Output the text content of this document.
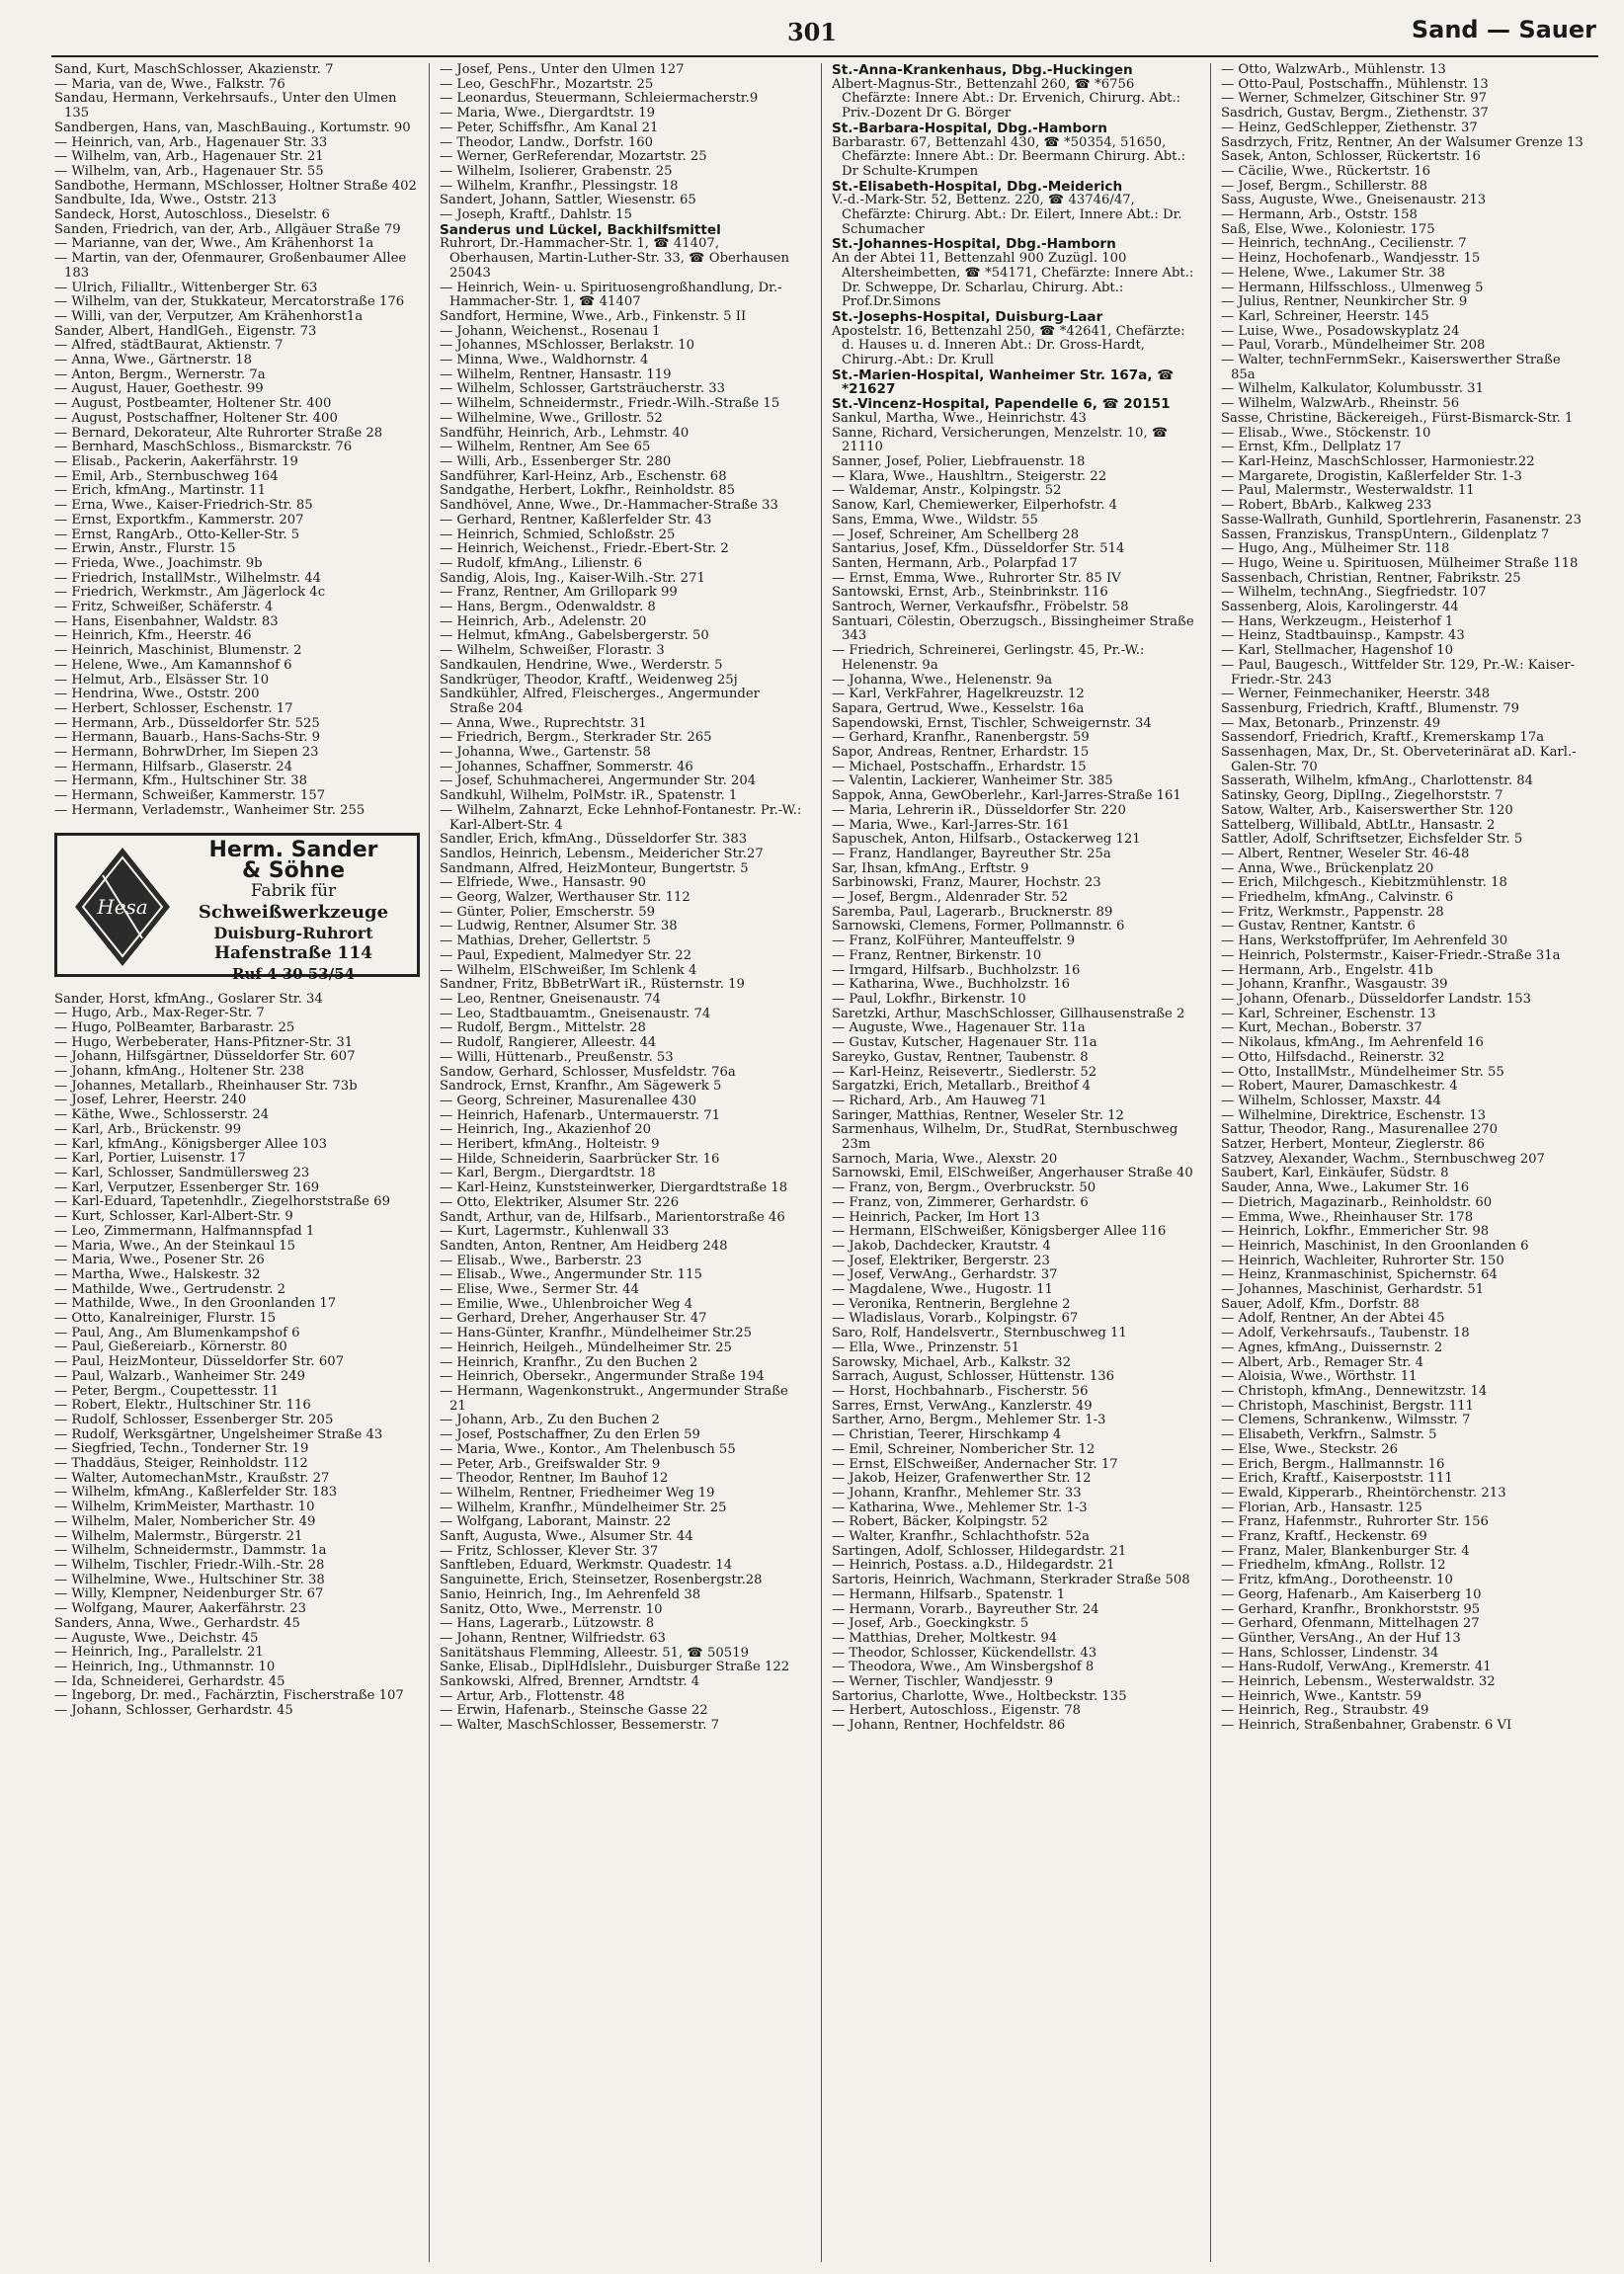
301	Sand — Sauer
Sand, Kurt, MaschSchlosser, Akazienstr. 7
— Maria, van de, Wwe., Falkstr. 76
Sandau, Hermann, Verkehrsaufs., Unter den Ulmen 135
Sandbergen, Hans, van, MaschBauing., Kortumstr. 90
— Heinrich, van, Arb., Hagenauer Str. 33
— Wilhelm, van, Arb., Hagenauer Str. 21
— Wilhelm, van, Arb., Hagenauer Str. 55
Sandbothe, Hermann, MSchlosser, Holtner Straße 402
Sandbulte, Ida, Wwe., Oststr. 213
Sandeck, Horst, Autoschloss., Dieselstr. 6
Sanden, Friedrich, van der, Arb., Allgäuer Straße 79
— Marianne, van der, Wwe., Am Krähenhorst 1a
— Martin, van der, Ofenmaurer, Großenbaumer Allee 183
— Ulrich, Filialltr., Wittenberger Str. 63
— Wilhelm, van der, Stukkateur, Mercatorstraße 176
— Willi, van der, Verputzer, Am Krähenhorst1a
Sander, Albert, HandlGeh., Eigenstr. 73
— Alfred, städtBaurat, Aktienstr. 7
— Anna, Wwe., Gärtnerstr. 18
— Anton, Bergm., Wernerstr. 7a
— August, Hauer, Goethestr. 99
— August, Postbeamter, Holtener Str. 400
— August, Postschaffner, Holtener Str. 400
— Bernard, Dekorateur, Alte Ruhrorter Straße 28
— Bernhard, MaschSchloss., Bismarckstr. 76
— Elisab., Packerin, Aakerfährstr. 19
— Emil, Arb., Sternbuschweg 164
— Erich, kfmAng., Martinstr. 11
— Erna, Wwe., Kaiser-Friedrich-Str. 85
— Ernst, Exportkfm., Kammerstr. 207
— Ernst, RangArb., Otto-Keller-Str. 5
— Erwin, Anstr., Flurstr. 15
— Frieda, Wwe., Joachimstr. 9b
— Friedrich, InstallMstr., Wilhelmstr. 44
— Friedrich, Werkmstr., Am Jägerlock 4c
— Fritz, Schweißer, Schäferstr. 4
— Hans, Eisenbahner, Waldstr. 83
— Heinrich, Kfm., Heerstr. 46
— Heinrich, Maschinist, Blumenstr. 2
— Helene, Wwe., Am Kamannshof 6
— Helmut, Arb., Elsässer Str. 10
— Hendrina, Wwe., Oststr. 200
— Herbert, Schlosser, Eschenstr. 17
— Hermann, Arb., Düsseldorfer Str. 525
— Hermann, Bauarb., Hans-Sachs-Str. 9
— Hermann, BohrwDrher, Im Siepen 23
— Hermann, Hilfsarb., Glaserstr. 24
— Hermann, Kfm., Hultschiner Str. 38
— Hermann, Schweißer, Kammerstr. 157
— Hermann, Verlademstr., Wanheimer Str. 255
Hesa
Herm. Sander
& Söhne
Fabrik für
Schweißwerkzeuge
Duisburg-Ruhrort
Hafenstraße 114
Ruf 4 30 53/54
Sander, Horst, kfmAng., Goslarer Str. 34
— Hugo, Arb., Max-Reger-Str. 7
— Hugo, PolBeamter, Barbarastr. 25
— Hugo, Werbeberater, Hans-Pfitzner-Str. 31
— Johann, Hilfsgärtner, Düsseldorfer Str. 607
— Johann, kfmAng., Holtener Str. 238
— Johannes, Metallarb., Rheinhauser Str. 73b
— Josef, Lehrer, Heerstr. 240
— Käthe, Wwe., Schlosserstr. 24
— Karl, Arb., Brückenstr. 99
— Karl, kfmAng., Königsberger Allee 103
— Karl, Portier, Luisenstr. 17
— Karl, Schlosser, Sandmüllersweg 23
— Karl, Verputzer, Essenberger Str. 169
— Karl-Eduard, Tapetenhdlr., Ziegelhorststraße 69
— Kurt, Schlosser, Karl-Albert-Str. 9
— Leo, Zimmermann, Halfmannspfad 1
— Maria, Wwe., An der Steinkaul 15
— Maria, Wwe., Posener Str. 26
— Martha, Wwe., Halskestr. 32
— Mathilde, Wwe., Gertrudenstr. 2
— Mathilde, Wwe., In den Groonlanden 17
— Otto, Kanalreiniger, Flurstr. 15
— Paul, Ang., Am Blumenkampshof 6
— Paul, Gießereiarb., Körnerstr. 80
— Paul, HeizMonteur, Düsseldorfer Str. 607
— Paul, Walzarb., Wanheimer Str. 249
— Peter, Bergm., Coupettesstr. 11
— Robert, Elektr., Hultschiner Str. 116
— Rudolf, Schlosser, Essenberger Str. 205
— Rudolf, Werksgärtner, Ungelsheimer Straße 43
— Siegfried, Techn., Tonderner Str. 19
— Thaddäus, Steiger, Reinholdstr. 112
— Walter, AutomechanMstr., Kraußstr. 27
— Wilhelm, kfmAng., Kaßlerfelder Str. 183
— Wilhelm, KrimMeister, Marthastr. 10
— Wilhelm, Maler, Nombericher Str. 49
— Wilhelm, Malermstr., Bürgerstr. 21
— Wilhelm, Schneidermstr., Dammstr. 1a
— Wilhelm, Tischler, Friedr.-Wilh.-Str. 28
— Wilhelmine, Wwe., Hultschiner Str. 38
— Willy, Klempner, Neidenburger Str. 67
— Wolfgang, Maurer, Aakerfährstr. 23
Sanders, Anna, Wwe., Gerhardstr. 45
— Auguste, Wwe., Deichstr. 45
— Heinrich, Ing., Parallelstr. 21
— Heinrich, Ing., Uthmannstr. 10
— Ida, Schneiderei, Gerhardstr. 45
— Ingeborg, Dr. med., Fachärztin, Fischerstraße 107
— Johann, Schlosser, Gerhardstr. 45
— Josef, Pens., Unter den Ulmen 127
— Leo, GeschFhr., Mozartstr. 25
— Leonardus, Steuermann, Schleiermacherstr.9
— Maria, Wwe., Diergardtstr. 19
— Peter, Schiffsfhr., Am Kanal 21
— Theodor, Landw., Dorfstr. 160
— Werner, GerReferendar, Mozartstr. 25
— Wilhelm, Isolierer, Grabenstr. 25
— Wilhelm, Kranfhr., Plessingstr. 18
Sandert, Johann, Sattler, Wiesenstr. 65
— Joseph, Kraftf., Dahlstr. 15
Sanderus und Lückel, Backhilfsmittel
Ruhrort, Dr.-Hammacher-Str. 1, ☎ 41407, Oberhausen, Martin-Luther-Str. 33, ☎ Oberhausen 25043
— Heinrich, Wein- u. Spirituosengroßhandlung, Dr.-Hammacher-Str. 1, ☎ 41407
Sandfort, Hermine, Wwe., Arb., Finkenstr. 5 II
— Johann, Weichenst., Rosenau 1
— Johannes, MSchlosser, Berlakstr. 10
— Minna, Wwe., Waldhornstr. 4
— Wilhelm, Rentner, Hansastr. 119
— Wilhelm, Schlosser, Gartsträucherstr. 33
— Wilhelm, Schneidermstr., Friedr.-Wilh.-Straße 15
— Wilhelmine, Wwe., Grillostr. 52
Sandführ, Heinrich, Arb., Lehmstr. 40
— Wilhelm, Rentner, Am See 65
— Willi, Arb., Essenberger Str. 280
Sandführer, Karl-Heinz, Arb., Eschenstr. 68
Sandgathe, Herbert, Lokfhr., Reinholdstr. 85
Sandhövel, Anne, Wwe., Dr.-Hammacher-Straße 33
— Gerhard, Rentner, Kaßlerfelder Str. 43
— Heinrich, Schmied, Schloßstr. 25
— Heinrich, Weichenst., Friedr.-Ebert-Str. 2
— Rudolf, kfmAng., Lilienstr. 6
Sandig, Alois, Ing., Kaiser-Wilh.-Str. 271
— Franz, Rentner, Am Grillopark 99
— Hans, Bergm., Odenwaldstr. 8
— Heinrich, Arb., Adelenstr. 20
— Helmut, kfmAng., Gabelsbergerstr. 50
— Wilhelm, Schweißer, Florastr. 3
Sandkaulen, Hendrine, Wwe., Werderstr. 5
Sandkrüger, Theodor, Kraftf., Weidenweg 25j
Sandkühler, Alfred, Fleischerges., Angermunder Straße 204
— Anna, Wwe., Ruprechtstr. 31
— Friedrich, Bergm., Sterkrader Str. 265
— Johanna, Wwe., Gartenstr. 58
— Johannes, Schaffner, Sommerstr. 46
— Josef, Schuhmacherei, Angermunder Str. 204
Sandkuhl, Wilhelm, PolMstr. iR., Spatenstr. 1
— Wilhelm, Zahnarzt, Ecke Lehnhof-Fontanestr. Pr.-W.: Karl-Albert-Str. 4
Sandler, Erich, kfmAng., Düsseldorfer Str. 383
Sandlos, Heinrich, Lebensm., Meidericher Str.27
Sandmann, Alfred, HeizMonteur, Bungertstr. 5
— Elfriede, Wwe., Hansastr. 90
— Georg, Walzer, Werthauser Str. 112
— Günter, Polier, Emscherstr. 59
— Ludwig, Rentner, Alsumer Str. 38
— Mathias, Dreher, Gellertstr. 5
— Paul, Expedient, Malmedyer Str. 22
— Wilhelm, ElSchweißer, Im Schlenk 4
Sandner, Fritz, BbBetrWart iR., Rüsternstr. 19
— Leo, Rentner, Gneisenaustr. 74
— Leo, Stadtbauamtm., Gneisenaustr. 74
— Rudolf, Bergm., Mittelstr. 28
— Rudolf, Rangierer, Alleestr. 44
— Willi, Hüttenarb., Preußenstr. 53
Sandow, Gerhard, Schlosser, Musfeldstr. 76a
Sandrock, Ernst, Kranfhr., Am Sägewerk 5
— Georg, Schreiner, Masurenallee 430
— Heinrich, Hafenarb., Untermauerstr. 71
— Heinrich, Ing., Akazienhof 20
— Heribert, kfmAng., Holteistr. 9
— Hilde, Schneiderin, Saarbrücker Str. 16
— Karl, Bergm., Diergardtstr. 18
— Karl-Heinz, Kunststeinwerker, Diergardtstraße 18
— Otto, Elektriker, Alsumer Str. 226
Sandt, Arthur, van de, Hilfsarb., Marientorstraße 46
— Kurt, Lagermstr., Kuhlenwall 33
Sandten, Anton, Rentner, Am Heidberg 248
— Elisab., Wwe., Barberstr. 23
— Elisab., Wwe., Angermunder Str. 115
— Elise, Wwe., Sermer Str. 44
— Emilie, Wwe., Uhlenbroicher Weg 4
— Gerhard, Dreher, Angerhauser Str. 47
— Hans-Günter, Kranfhr., Mündelheimer Str.25
— Heinrich, Heilgeh., Mündelheimer Str. 25
— Heinrich, Kranfhr., Zu den Buchen 2
— Heinrich, Obersekr., Angermunder Straße 194
— Hermann, Wagenkonstrukt., Angermunder Straße 21
— Johann, Arb., Zu den Buchen 2
— Josef, Postschaffner, Zu den Erlen 59
— Maria, Wwe., Kontor., Am Thelenbusch 55
— Peter, Arb., Greifswalder Str. 9
— Theodor, Rentner, Im Bauhof 12
— Wilhelm, Rentner, Friedheimer Weg 19
— Wilhelm, Kranfhr., Mündelheimer Str. 25
— Wolfgang, Laborant, Mainstr. 22
Sanft, Augusta, Wwe., Alsumer Str. 44
— Fritz, Schlosser, Klever Str. 37
Sanftleben, Eduard, Werkmstr. Quadestr. 14
Sanguinette, Erich, Steinsetzer, Rosenbergstr.28
Sanio, Heinrich, Ing., Im Aehrenfeld 38
Sanitz, Otto, Wwe., Merrenstr. 10
— Hans, Lagerarb., Lützowstr. 8
— Johann, Rentner, Wilfriedstr. 63
Sanitätshaus Flemming, Alleestr. 51, ☎ 50519
Sanke, Elisab., DiplHdlslehr., Duisburger Straße 122
Sankowski, Alfred, Brenner, Arndtstr. 4
— Artur, Arb., Flottenstr. 48
— Erwin, Hafenarb., Steinsche Gasse 22
— Walter, MaschSchlosser, Bessemerstr. 7
St.-Anna-Krankenhaus, Dbg.-Huckingen
Albert-Magnus-Str., Bettenzahl 260, ☎ *6756 Chefärzte: Innere Abt.: Dr. Ervenich, Chirurg. Abt.: Priv.-Dozent Dr G. Börger
St.-Barbara-Hospital, Dbg.-Hamborn
Barbarastr. 67, Bettenzahl 430, ☎ *50354, 51650, Chefärzte: Innere Abt.: Dr. Beermann Chirurg. Abt.: Dr Schulte-Krumpen
St.-Elisabeth-Hospital, Dbg.-Meiderich
V.-d.-Mark-Str. 52, Bettenz. 220, ☎ 43746/47, Chefärzte: Chirurg. Abt.: Dr. Eilert, Innere Abt.: Dr. Schumacher
St.-Johannes-Hospital, Dbg.-Hamborn
An der Abtei 11, Bettenzahl 900 Zuzügl. 100 Altersheimbetten, ☎ *54171, Chefärzte: Innere Abt.: Dr. Schweppe, Dr. Scharlau, Chirurg. Abt.: Prof.Dr.Simons
St.-Josephs-Hospital, Duisburg-Laar
Apostelstr. 16, Bettenzahl 250, ☎ *42641, Chefärzte: d. Hauses u. d. Inneren Abt.: Dr. Gross-Hardt, Chirurg.-Abt.: Dr. Krull
St.-Marien-Hospital, Wanheimer Str. 167a, ☎ *21627
St.-Vincenz-Hospital, Papendelle 6, ☎ 20151
Sankul, Martha, Wwe., Heinrichstr. 43
Sanne, Richard, Versicherungen, Menzelstr. 10, ☎ 21110
Sanner, Josef, Polier, Liebfrauenstr. 18
— Klara, Wwe., Haushltrn., Steigerstr. 22
— Waldemar, Anstr., Kolpingstr. 52
Sanow, Karl, Chemiewerker, Eilperhofstr. 4
Sans, Emma, Wwe., Wildstr. 55
— Josef, Schreiner, Am Schellberg 28
Santarius, Josef, Kfm., Düsseldorfer Str. 514
Santen, Hermann, Arb., Polarpfad 17
— Ernst, Emma, Wwe., Ruhrorter Str. 85 IV
Santowski, Ernst, Arb., Steinbrinkstr. 116
Santroch, Werner, Verkaufsfhr., Fröbelstr. 58
Santuari, Cölestin, Oberzugsch., Bissingheimer Straße 343
— Friedrich, Schreinerei, Gerlingstr. 45, Pr.-W.: Helenenstr. 9a
— Johanna, Wwe., Helenenstr. 9a
— Karl, VerkFahrer, Hagelkreuzstr. 12
Sapara, Gertrud, Wwe., Kesselstr. 16a
Sapendowski, Ernst, Tischler, Schweigernstr. 34
— Gerhard, Kranfhr., Ranenbergstr. 59
Sapor, Andreas, Rentner, Erhardstr. 15
— Michael, Postschaffn., Erhardstr. 15
— Valentin, Lackierer, Wanheimer Str. 385
Sappok, Anna, GewOberlehr., Karl-Jarres-Straße 161
— Maria, Lehrerin iR., Düsseldorfer Str. 220
— Maria, Wwe., Karl-Jarres-Str. 161
Sapuschek, Anton, Hilfsarb., Ostackerweg 121
— Franz, Handlanger, Bayreuther Str. 25a
Sar, Ihsan, kfmAng., Erftstr. 9
Sarbinowski, Franz, Maurer, Hochstr. 23
— Josef, Bergm., Aldenrader Str. 52
Saremba, Paul, Lagerarb., Brucknerstr. 89
Sarnowski, Clemens, Former, Pollmannstr. 6
— Franz, KolFührer, Manteuffelstr. 9
— Franz, Rentner, Birkenstr. 10
— Irmgard, Hilfsarb., Buchholzstr. 16
— Katharina, Wwe., Buchholzstr. 16
— Paul, Lokfhr., Birkenstr. 10
Saretzki, Arthur, MaschSchlosser, Gillhausenstraße 2
— Auguste, Wwe., Hagenauer Str. 11a
— Gustav, Kutscher, Hagenauer Str. 11a
Sareyko, Gustav, Rentner, Taubenstr. 8
— Karl-Heinz, Reisevertr., Siedlerstr. 52
Sargatzki, Erich, Metallarb., Breithof 4
— Richard, Arb., Am Hauweg 71
Saringer, Matthias, Rentner, Weseler Str. 12
Sarmenhaus, Wilhelm, Dr., StudRat, Sternbuschweg 23m
Sarnoch, Maria, Wwe., Alexstr. 20
Sarnowski, Emil, ElSchweißer, Angerhauser Straße 40
— Franz, von, Bergm., Overbruckstr. 50
— Franz, von, Zimmerer, Gerhardstr. 6
— Heinrich, Packer, Im Hort 13
— Hermann, ElSchweißer, Königsberger Allee 116
— Jakob, Dachdecker, Krautstr. 4
— Josef, Elektriker, Bergerstr. 23
— Josef, VerwAng., Gerhardstr. 37
— Magdalene, Wwe., Hugostr. 11
— Veronika, Rentnerin, Berglehne 2
— Wladislaus, Vorarb., Kolpingstr. 67
Saro, Rolf, Handelsvertr., Sternbuschweg 11
— Ella, Wwe., Prinzenstr. 51
Sarowsky, Michael, Arb., Kalkstr. 32
Sarrach, August, Schlosser, Hüttenstr. 136
— Horst, Hochbahnarb., Fischerstr. 56
Sarres, Ernst, VerwAng., Kanzlerstr. 49
Sarther, Arno, Bergm., Mehlemer Str. 1-3
— Christian, Teerer, Hirschkamp 4
— Emil, Schreiner, Nombericher Str. 12
— Ernst, ElSchweißer, Andernacher Str. 17
— Jakob, Heizer, Grafenwerther Str. 12
— Johann, Kranfhr., Mehlemer Str. 33
— Katharina, Wwe., Mehlemer Str. 1-3
— Robert, Bäcker, Kolpingstr. 52
— Walter, Kranfhr., Schlachthofstr. 52a
Sartingen, Adolf, Schlosser, Hildegardstr. 21
— Heinrich, Postass. a.D., Hildegardstr. 21
Sartoris, Heinrich, Wachmann, Sterkrader Straße 508
— Hermann, Hilfsarb., Spatenstr. 1
— Hermann, Vorarb., Bayreuther Str. 24
— Josef, Arb., Goeckingkstr. 5
— Matthias, Dreher, Moltkestr. 94
— Theodor, Schlosser, Kückendellstr. 43
— Theodora, Wwe., Am Winsbergshof 8
— Werner, Tischler, Wandjesstr. 9
Sartorius, Charlotte, Wwe., Holtbeckstr. 135
— Herbert, Autoschloss., Eigenstr. 78
— Johann, Rentner, Hochfeldstr. 86
— Otto, WalzwArb., Mühlenstr. 13
— Otto-Paul, Postschaffn., Mühlenstr. 13
— Werner, Schmelzer, Gitschiner Str. 97
Sasdrich, Gustav, Bergm., Ziethenstr. 37
— Heinz, GedSchlepper, Ziethenstr. 37
Sasdrzych, Fritz, Rentner, An der Walsumer Grenze 13
Sasek, Anton, Schlosser, Rückertstr. 16
— Cäcilie, Wwe., Rückertstr. 16
— Josef, Bergm., Schillerstr. 88
Sass, Auguste, Wwe., Gneisenaustr. 213
— Hermann, Arb., Oststr. 158
Saß, Else, Wwe., Koloniestr. 175
— Heinrich, technAng., Cecilienstr. 7
— Heinz, Hochofenarb., Wandjesstr. 15
— Helene, Wwe., Lakumer Str. 38
— Hermann, Hilfsschloss., Ulmenweg 5
— Julius, Rentner, Neunkircher Str. 9
— Karl, Schreiner, Heerstr. 145
— Luise, Wwe., Posadowskyplatz 24
— Paul, Vorarb., Mündelheimer Str. 208
— Walter, technFernmSekr., Kaiserswerther Straße 85a
— Wilhelm, Kalkulator, Kolumbusstr. 31
— Wilhelm, WalzwArb., Rheinstr. 56
Sasse, Christine, Bäckereigeh., Fürst-Bismarck-Str. 1
— Elisab., Wwe., Stöckenstr. 10
— Ernst, Kfm., Dellplatz 17
— Karl-Heinz, MaschSchlosser, Harmoniestr.22
— Margarete, Drogistin, Kaßlerfelder Str. 1-3
— Paul, Malermstr., Westerwaldstr. 11
— Robert, BbArb., Kalkweg 233
Sasse-Wallrath, Gunhild, Sportlehrerin, Fasanenstr. 23
Sassen, Franziskus, TranspUntern., Gildenplatz 7
— Hugo, Ang., Mülheimer Str. 118
— Hugo, Weine u. Spirituosen, Mülheimer Straße 118
Sassenbach, Christian, Rentner, Fabrikstr. 25
— Wilhelm, technAng., Siegfriedstr. 107
Sassenberg, Alois, Karolingerstr. 44
— Hans, Werkzeugm., Heisterhof 1
— Heinz, Stadtbauinsp., Kampstr. 43
— Karl, Stellmacher, Hagenshof 10
— Paul, Baugesch., Wittfelder Str. 129, Pr.-W.: Kaiser-Friedr.-Str. 243
— Werner, Feinmechaniker, Heerstr. 348
Sassenburg, Friedrich, Kraftf., Blumenstr. 79
— Max, Betonarb., Prinzenstr. 49
Sassendorf, Friedrich, Kraftf., Kremerskamp 17a
Sassenhagen, Max, Dr., St. Oberveterinärat aD. Karl.-Galen-Str. 70
Sasserath, Wilhelm, kfmAng., Charlottenstr. 84
Satinsky, Georg, DiplIng., Ziegelhorststr. 7
Satow, Walter, Arb., Kaiserswerther Str. 120
Sattelberg, Willibald, AbtLtr., Hansastr. 2
Sattler, Adolf, Schriftsetzer, Eichsfelder Str. 5
— Albert, Rentner, Weseler Str. 46-48
— Anna, Wwe., Brückenplatz 20
— Erich, Milchgesch., Kiebitzmühlenstr. 18
— Friedhelm, kfmAng., Calvinstr. 6
— Fritz, Werkmstr., Pappenstr. 28
— Gustav, Rentner, Kantstr. 6
— Hans, Werkstoffprüfer, Im Aehrenfeld 30
— Heinrich, Polstermstr., Kaiser-Friedr.-Straße 31a
— Hermann, Arb., Engelstr. 41b
— Johann, Kranfhr., Wasgaustr. 39
— Johann, Ofenarb., Düsseldorfer Landstr. 153
— Karl, Schreiner, Eschenstr. 13
— Kurt, Mechan., Boberstr. 37
— Nikolaus, kfmAng., Im Aehrenfeld 16
— Otto, Hilfsdachd., Reinerstr. 32
— Otto, InstallMstr., Mündelheimer Str. 55
— Robert, Maurer, Damaschkestr. 4
— Wilhelm, Schlosser, Maxstr. 44
— Wilhelmine, Direktrice, Eschenstr. 13
Sattur, Theodor, Rang., Masurenallee 270
Satzer, Herbert, Monteur, Zieglerstr. 86
Satzvey, Alexander, Wachm., Sternbuschweg 207
Saubert, Karl, Einkäufer, Südstr. 8
Sauder, Anna, Wwe., Lakumer Str. 16
— Dietrich, Magazinarb., Reinholdstr. 60
— Emma, Wwe., Rheinhauser Str. 178
— Heinrich, Lokfhr., Emmericher Str. 98
— Heinrich, Maschinist, In den Groonlanden 6
— Heinrich, Wachleiter, Ruhrorter Str. 150
— Heinz, Kranmaschinist, Spichernstr. 64
— Johannes, Maschinist, Gerhardstr. 51
Sauer, Adolf, Kfm., Dorfstr. 88
— Adolf, Rentner, An der Abtei 45
— Adolf, Verkehrsaufs., Taubenstr. 18
— Agnes, kfmAng., Duissernstr. 2
— Albert, Arb., Remager Str. 4
— Aloisia, Wwe., Wörthstr. 11
— Christoph, kfmAng., Dennewitzstr. 14
— Christoph, Maschinist, Bergstr. 111
— Clemens, Schrankenw., Wilmsstr. 7
— Elisabeth, Verkfrn., Salmstr. 5
— Else, Wwe., Steckstr. 26
— Erich, Bergm., Hallmannstr. 16
— Erich, Kraftf., Kaiserpoststr. 111
— Ewald, Kipperarb., Rheintörchenstr. 213
— Florian, Arb., Hansastr. 125
— Franz, Hafenmstr., Ruhrorter Str. 156
— Franz, Kraftf., Heckenstr. 69
— Franz, Maler, Blankenburger Str. 4
— Friedhelm, kfmAng., Rollstr. 12
— Fritz, kfmAng., Dorotheenstr. 10
— Georg, Hafenarb., Am Kaiserberg 10
— Gerhard, Kranfhr., Bronkhorststr. 95
— Gerhard, Ofenmann, Mittelhagen 27
— Günther, VersAng., An der Huf 13
— Hans, Schlosser, Lindenstr. 34
— Hans-Rudolf, VerwAng., Kremerstr. 41
— Heinrich, Lebensm., Westerwaldstr. 32
— Heinrich, Wwe., Kantstr. 59
— Heinrich, Reg., Straubstr. 49
— Heinrich, Straßenbahner, Grabenstr. 6 VI
